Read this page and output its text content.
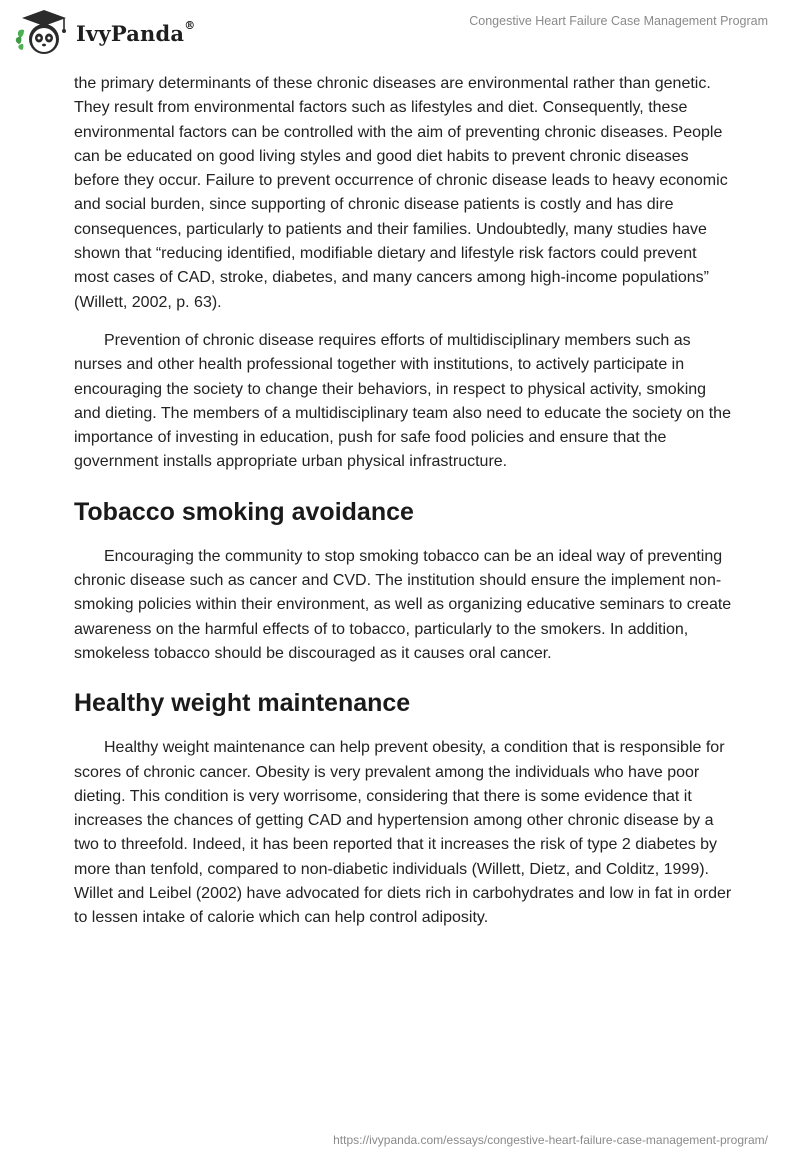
IvyPanda®	Congestive Heart Failure Case Management Program

the primary determinants of these chronic diseases are environmental rather than genetic. They result from environmental factors such as lifestyles and diet. Consequently, these environmental factors can be controlled with the aim of preventing chronic diseases. People can be educated on good living styles and good diet habits to prevent chronic diseases before they occur. Failure to prevent occurrence of chronic disease leads to heavy economic and social burden, since supporting of chronic disease patients is costly and has dire consequences, particularly to patients and their families. Undoubtedly, many studies have shown that “reducing identified, modifiable dietary and lifestyle risk factors could prevent most cases of CAD, stroke, diabetes, and many cancers among high-income populations” (Willett, 2002, p. 63).

Prevention of chronic disease requires efforts of multidisciplinary members such as nurses and other health professional together with institutions, to actively participate in encouraging the society to change their behaviors, in respect to physical activity, smoking and dieting. The members of a multidisciplinary team also need to educate the society on the importance of investing in education, push for safe food policies and ensure that the government installs appropriate urban physical infrastructure.

Tobacco smoking avoidance

Encouraging the community to stop smoking tobacco can be an ideal way of preventing chronic disease such as cancer and CVD. The institution should ensure the implement non-smoking policies within their environment, as well as organizing educative seminars to create awareness on the harmful effects of to tobacco, particularly to the smokers. In addition, smokeless tobacco should be discouraged as it causes oral cancer.

Healthy weight maintenance

Healthy weight maintenance can help prevent obesity, a condition that is responsible for scores of chronic cancer. Obesity is very prevalent among the individuals who have poor dieting. This condition is very worrisome, considering that there is some evidence that it increases the chances of getting CAD and hypertension among other chronic disease by a two to threefold. Indeed, it has been reported that it increases the risk of type 2 diabetes by more than tenfold, compared to non-diabetic individuals (Willett, Dietz, and Colditz, 1999). Willet and Leibel (2002) have advocated for diets rich in carbohydrates and low in fat in order to lessen intake of calorie which can help control adiposity.

https://ivypanda.com/essays/congestive-heart-failure-case-management-program/
